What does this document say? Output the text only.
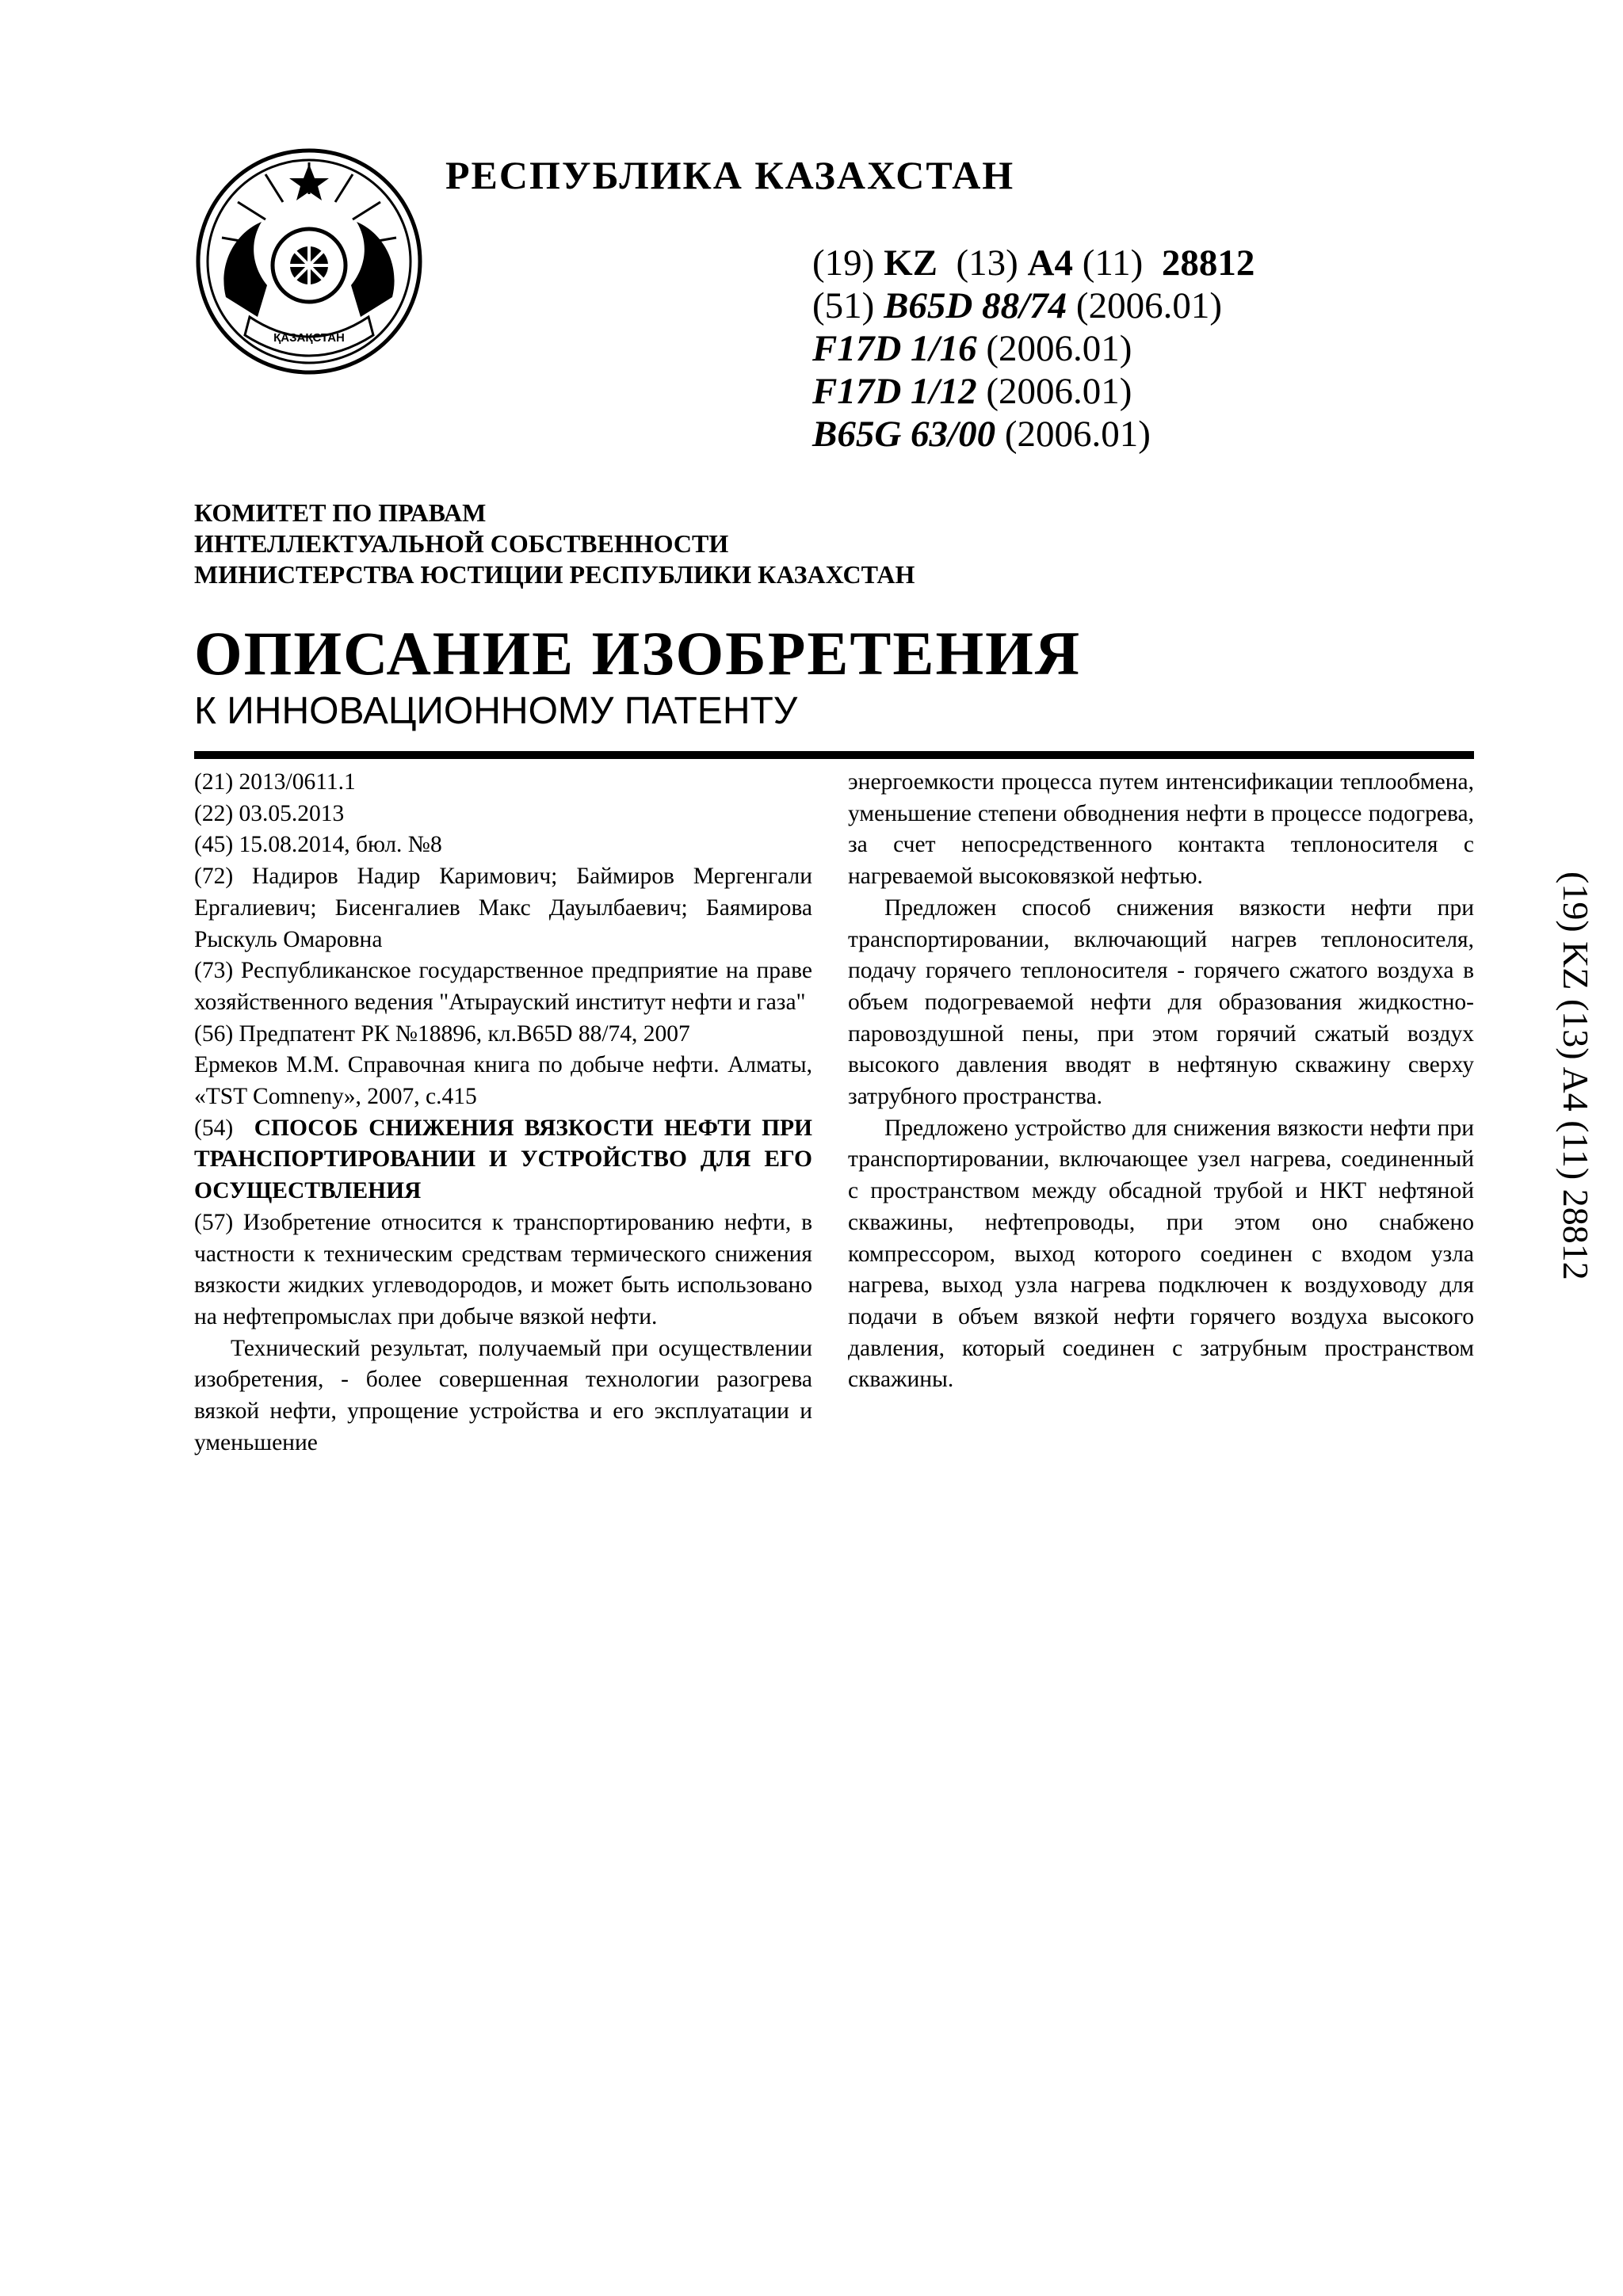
ҚАЗАҚСТАН
РЕСПУБЛИКА КАЗАХСТАН
(19) KZ (13) A4 (11) 28812
(51) B65D 88/74 (2006.01)
F17D 1/16 (2006.01)
F17D 1/12 (2006.01)
B65G 63/00 (2006.01)
КОМИТЕТ ПО ПРАВАМ
ИНТЕЛЛЕКТУАЛЬНОЙ СОБСТВЕННОСТИ
МИНИСТЕРСТВА ЮСТИЦИИ РЕСПУБЛИКИ КАЗАХСТАН
ОПИСАНИЕ ИЗОБРЕТЕНИЯ
К ИННОВАЦИОННОМУ ПАТЕНТУ

(21) 2013/0611.1

(22) 03.05.2013

(45) 15.08.2014, бюл. №8

(72) Надиров Надир Каримович; Баймиров Мергенгали Ергалиевич; Бисенгалиев Макс Дауылбаевич; Баямирова Рыскуль Омаровна

(73) Республиканское государственное предприятие на праве хозяйственного ведения "Атырауский институт нефти и газа"

(56) Предпатент РК №18896, кл.B65D 88/74, 2007

Ермеков М.М. Справочная книга по добыче нефти. Алматы, «TST Comneny», 2007, с.415

(54) СПОСОБ СНИЖЕНИЯ ВЯЗКОСТИ НЕФТИ ПРИ ТРАНСПОРТИРОВАНИИ И УСТРОЙСТВО ДЛЯ ЕГО ОСУЩЕСТВЛЕНИЯ

(57) Изобретение относится к транспортированию нефти, в частности к техническим средствам термического снижения вязкости жидких углеводородов, и может быть использовано на нефтепромыслах при добыче вязкой нефти.

Технический результат, получаемый при осуществлении изобретения, - более совершенная технологии разогрева вязкой нефти, упрощение устройства и его эксплуатации и уменьшение

энергоемкости процесса путем интенсификации теплообмена, уменьшение степени обводнения нефти в процессе подогрева, за счет непосредственного контакта теплоносителя с нагреваемой высоковязкой нефтью.

Предложен способ снижения вязкости нефти при транспортировании, включающий нагрев теплоносителя, подачу горячего теплоносителя - горячего сжатого воздуха в объем подогреваемой нефти для образования жидкостно-паровоздушной пены, при этом горячий сжатый воздух высокого давления вводят в нефтяную скважину сверху затрубного пространства.

Предложено устройство для снижения вязкости нефти при транспортировании, включающее узел нагрева, соединенный с пространством между обсадной трубой и НКТ нефтяной скважины, нефтепроводы, при этом оно снабжено компрессором, выход которого соединен с входом узла нагрева, выход узла нагрева подключен к воздуховоду для подачи в объем вязкой нефти горячего воздуха высокого давления, который соединен с затрубным пространством скважины.

(19) KZ (13) A4 (11) 28812
